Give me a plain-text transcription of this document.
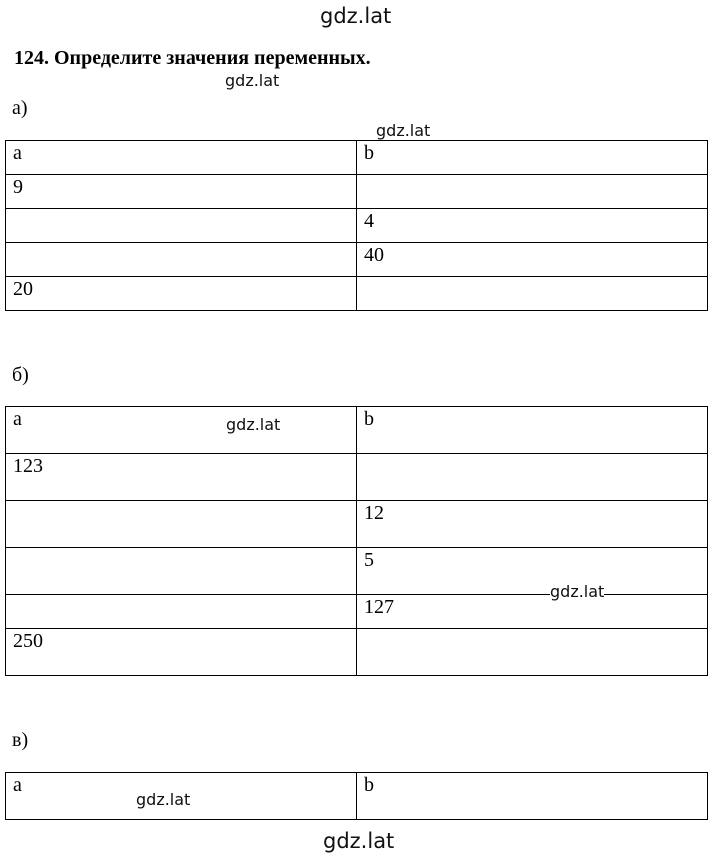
gdz.lat
gdz.lat
gdz.lat
124. Определите значения переменных.
а)
a	b
9	
	4
	40
20	
б)
a	b
123	
	12
	5
	127
250	
gdz.lat
gdz.lat
в)
a	b
gdz.lat
gdz.lat
